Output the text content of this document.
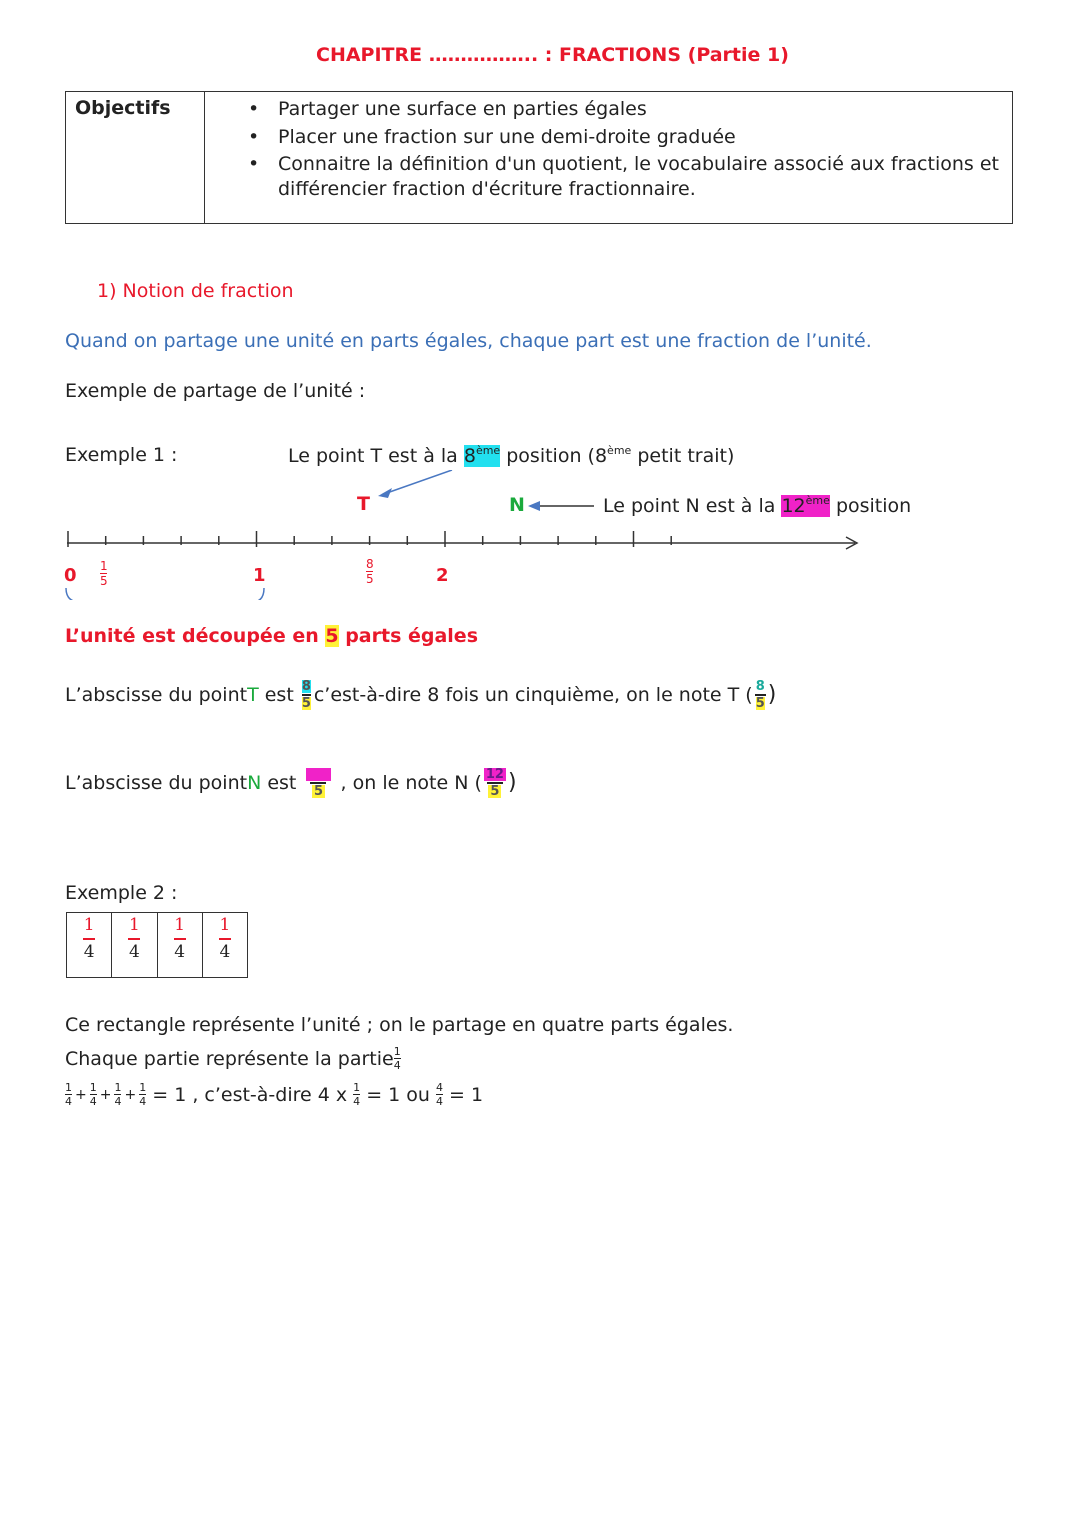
CHAPITRE …………….. : FRACTIONS (Partie 1)
Objectifs
•	Partager une surface en parties égales
• Placer une fraction sur une demi-droite graduée
• Connaitre la définition d'un quotient, le vocabulaire associé aux fractions et
différencier fraction d'écriture fractionnaire.
1) Notion de fraction
Quand on partage une unité en parts égales, chaque part est une fraction de l’unité.
Exemple de partage de l’unité :
Exemple 1 :	Le point T est à la 8ème position (8ème petit trait)
T	N	Le point N est à la 12ème position
$0 \frac{1}{5}$	1	$\frac{8}{5}$	2
L’unité est découpée en 5 parts égales
L’abscisse du point T est $\frac{8}{5}$ c’est-à-dire 8 fois un cinquième, on le note T ( $\frac{8}{5}$ )
L’abscisse du point N est $\frac{12}{5}$ , on le note N ( $\frac{12}{5}$ )
Exemple 2 :
$\frac{1}{4} \frac{1}{4} \frac{1}{4} \frac{1}{4}$
Ce rectangle représente l’unité ; on le partage en quatre parts égales.
Chaque partie représente la partie $\frac{1}{4}$
$\frac{1}{4} + \frac{1}{4} + \frac{1}{4} + \frac{1}{4} = 1$ , c’est-à-dire 4 x $\frac{1}{4} = 1$ ou $\frac{4}{4} = 1$
